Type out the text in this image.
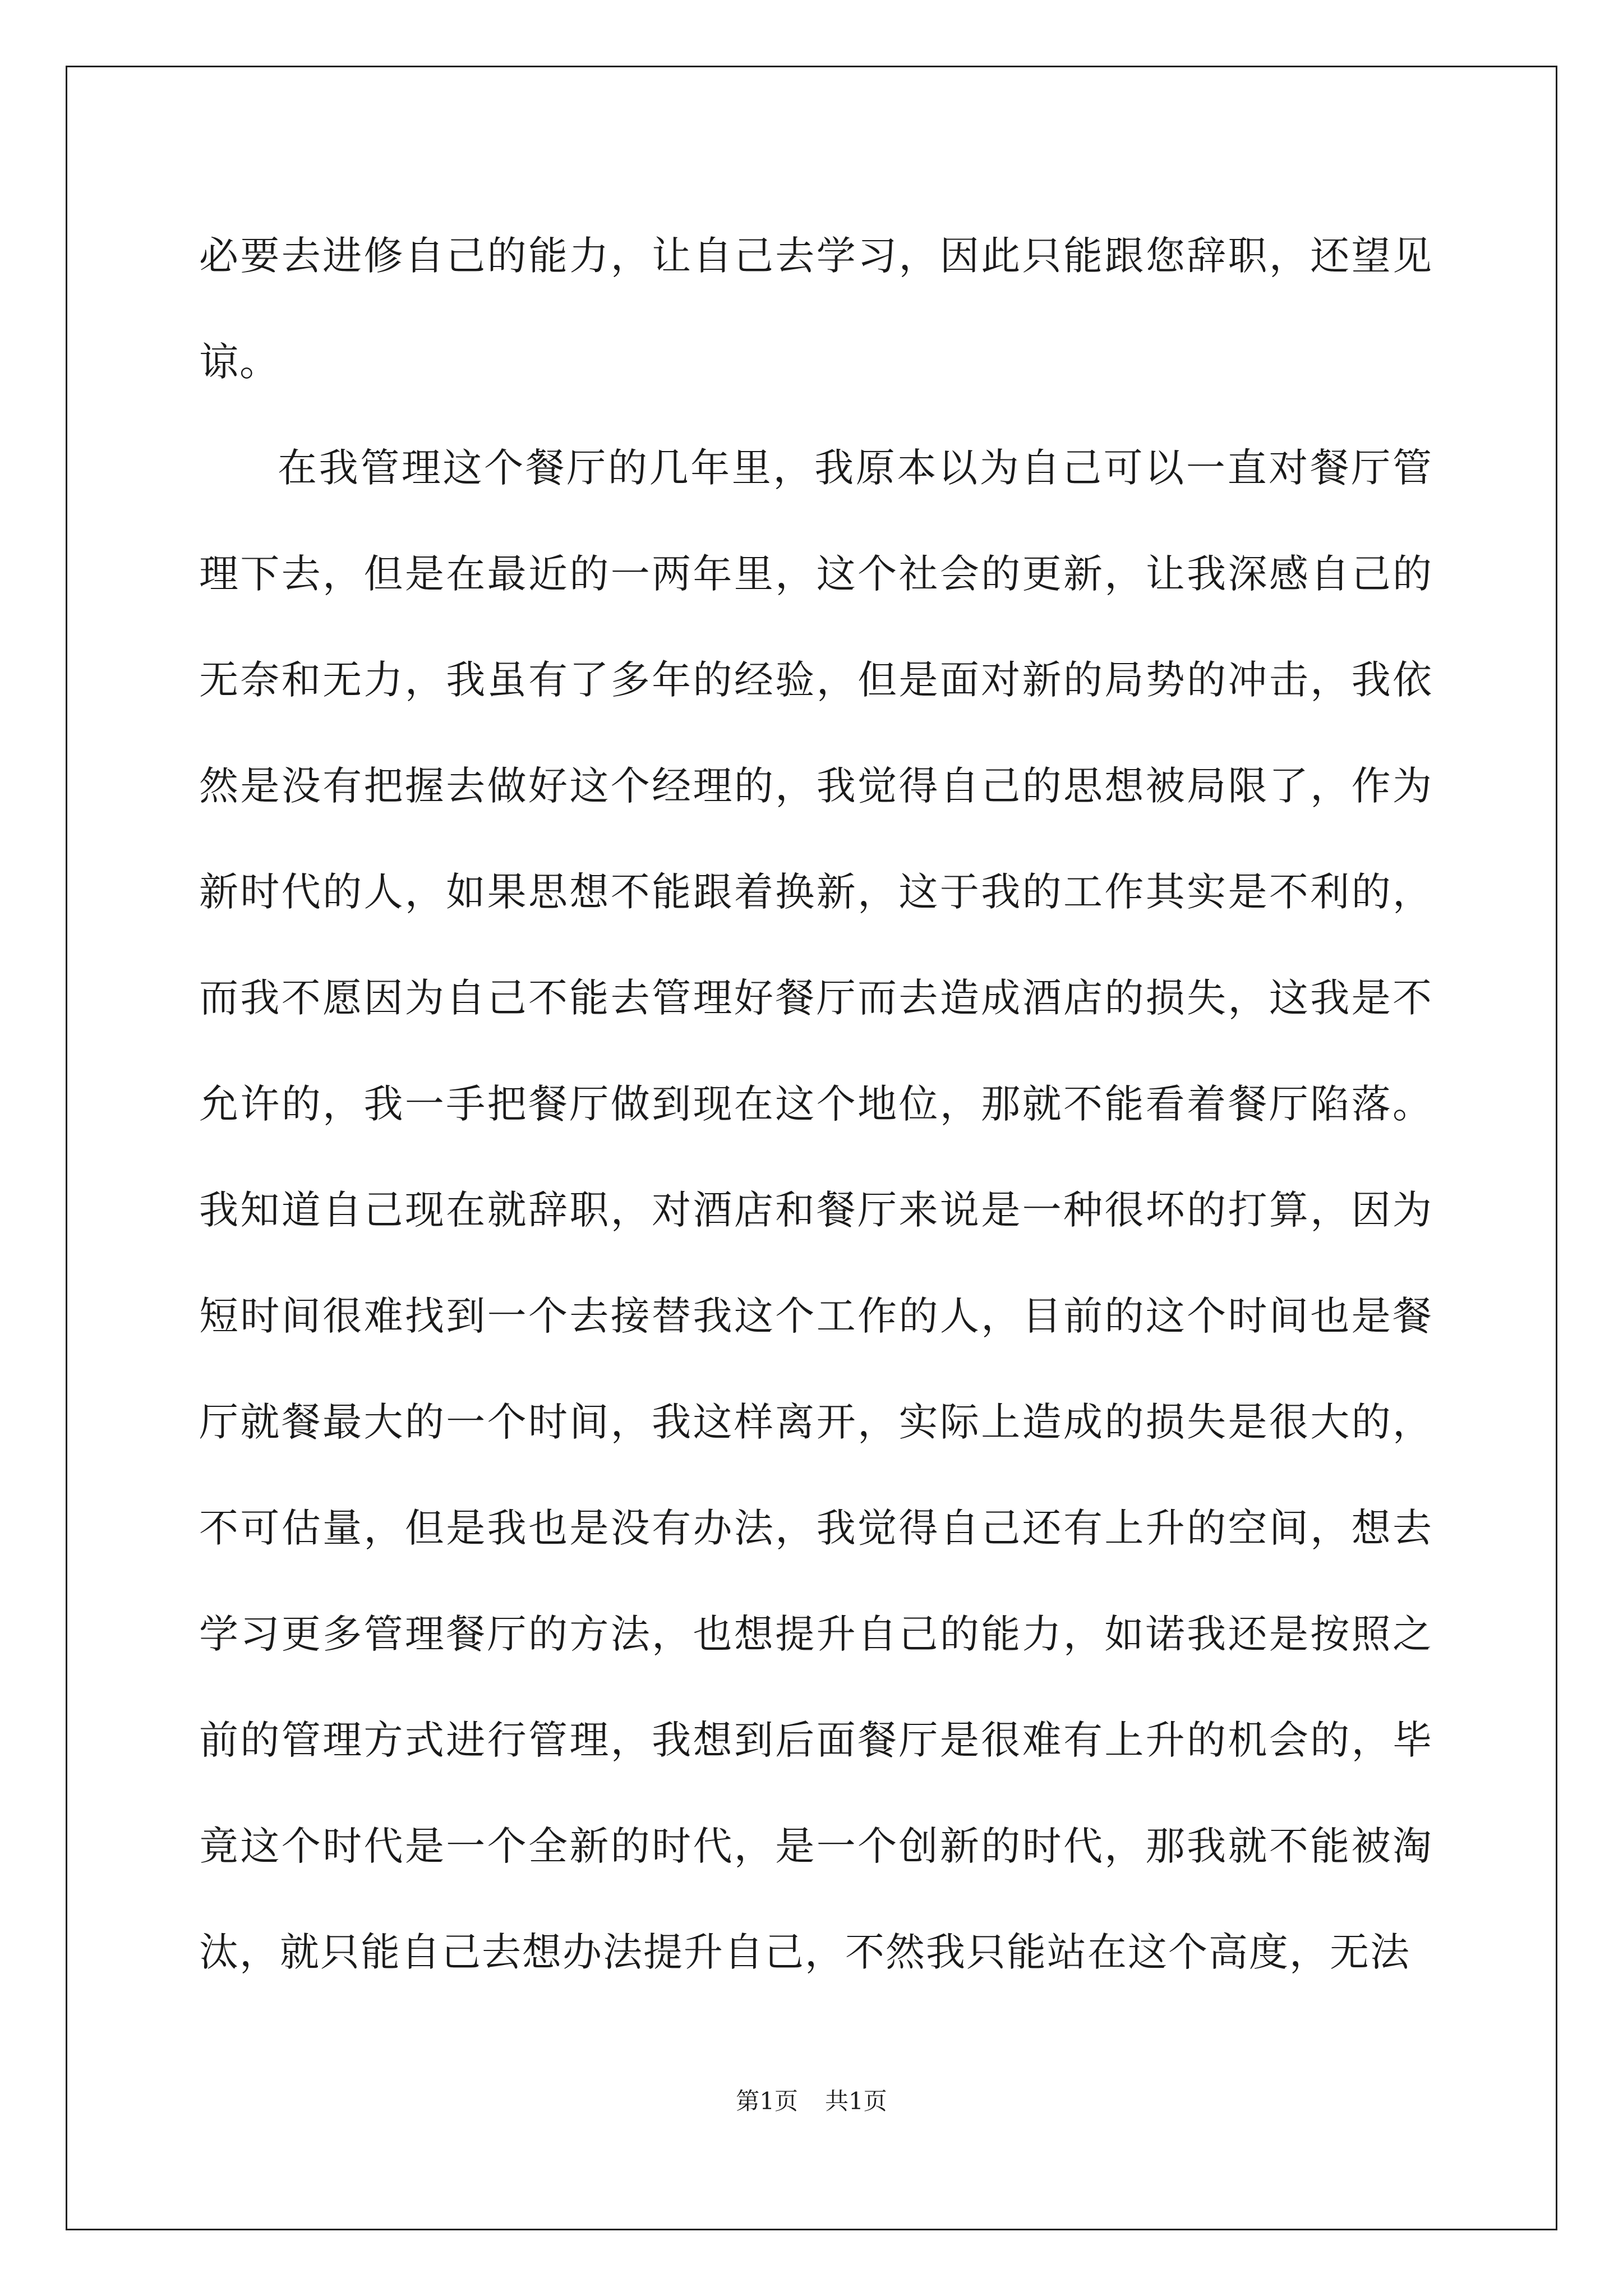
必要去进修自己的能力，让自己去学习，因此只能跟您辞职，还望见谅。

在我管理这个餐厅的几年里，我原本以为自己可以一直对餐厅管理下去，但是在最近的一两年里，这个社会的更新，让我深感自己的无奈和无力，我虽有了多年的经验，但是面对新的局势的冲击，我依然是没有把握去做好这个经理的，我觉得自己的思想被局限了，作为新时代的人，如果思想不能跟着换新，这于我的工作其实是不利的，而我不愿因为自己不能去管理好餐厅而去造成酒店的损失，这我是不允许的，我一手把餐厅做到现在这个地位，那就不能看着餐厅陷落。我知道自己现在就辞职，对酒店和餐厅来说是一种很坏的打算，因为短时间很难找到一个去接替我这个工作的人，目前的这个时间也是餐厅就餐最大的一个时间，我这样离开，实际上造成的损失是很大的，不可估量，但是我也是没有办法，我觉得自己还有上升的空间，想去学习更多管理餐厅的方法，也想提升自己的能力，如诺我还是按照之前的管理方式进行管理，我想到后面餐厅是很难有上升的机会的，毕竟这个时代是一个全新的时代，是一个创新的时代，那我就不能被淘汰，就只能自己去想办法提升自己，不然我只能站在这个高度，无法

第1页 共1页
